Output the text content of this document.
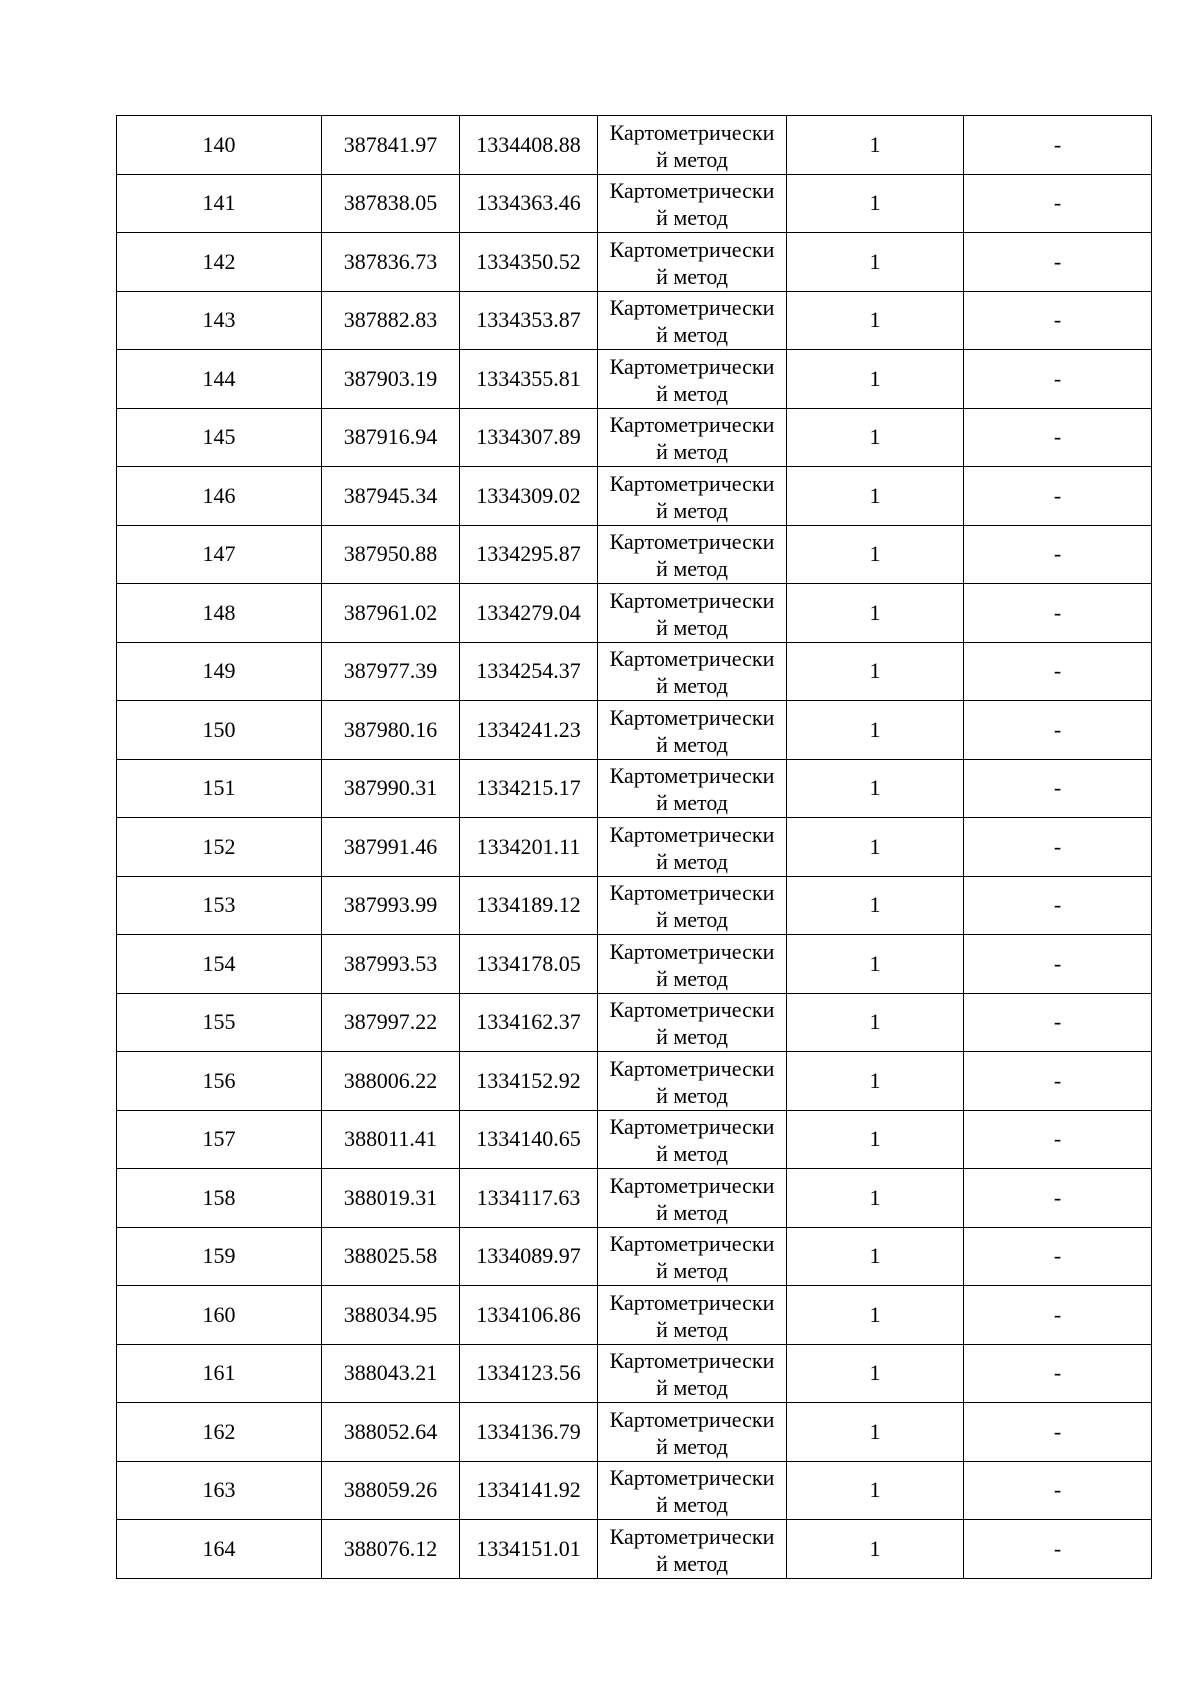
140	387841.97	1334408.88	Картометрически
й метод	1	-
141	387838.05	1334363.46	Картометрически
й метод	1	-
142	387836.73	1334350.52	Картометрически
й метод	1	-
143	387882.83	1334353.87	Картометрически
й метод	1	-
144	387903.19	1334355.81	Картометрически
й метод	1	-
145	387916.94	1334307.89	Картометрически
й метод	1	-
146	387945.34	1334309.02	Картометрически
й метод	1	-
147	387950.88	1334295.87	Картометрически
й метод	1	-
148	387961.02	1334279.04	Картометрически
й метод	1	-
149	387977.39	1334254.37	Картометрически
й метод	1	-
150	387980.16	1334241.23	Картометрически
й метод	1	-
151	387990.31	1334215.17	Картометрически
й метод	1	-
152	387991.46	1334201.11	Картометрически
й метод	1	-
153	387993.99	1334189.12	Картометрически
й метод	1	-
154	387993.53	1334178.05	Картометрически
й метод	1	-
155	387997.22	1334162.37	Картометрически
й метод	1	-
156	388006.22	1334152.92	Картометрически
й метод	1	-
157	388011.41	1334140.65	Картометрически
й метод	1	-
158	388019.31	1334117.63	Картометрически
й метод	1	-
159	388025.58	1334089.97	Картометрически
й метод	1	-
160	388034.95	1334106.86	Картометрически
й метод	1	-
161	388043.21	1334123.56	Картометрически
й метод	1	-
162	388052.64	1334136.79	Картометрически
й метод	1	-
163	388059.26	1334141.92	Картометрически
й метод	1	-
164	388076.12	1334151.01	Картометрически
й метод	1	-
